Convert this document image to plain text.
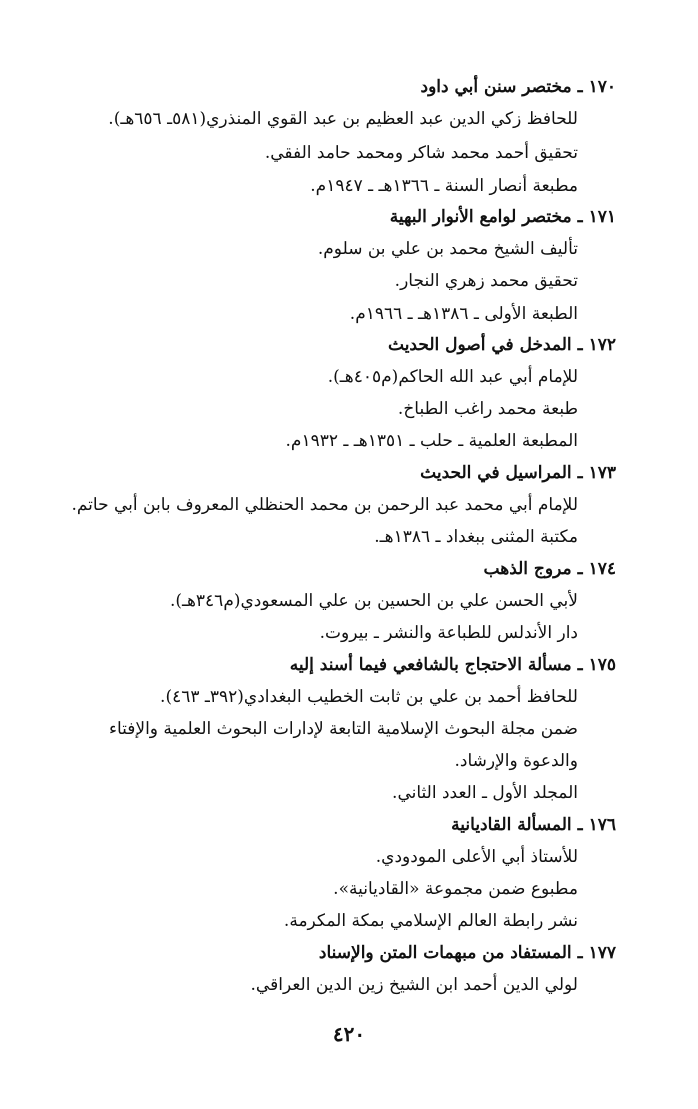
١٧٠ـمختصر سنن أبي داود
للحافظ زكي الدين عبد العظيم بن عبد القوي المنذري(٥٨١ـ ٦٥٦هـ).
تحقيق أحمد محمد شاكر ومحمد حامد الفقي.
مطبعة أنصار السنة ـ ١٣٦٦هـ ـ ١٩٤٧م.
١٧١ـمختصر لوامع الأنوار البهية
تأليف الشيخ محمد بن علي بن سلوم.
تحقيق محمد زهري النجار.
الطبعة الأولى ـ ١٣٨٦هـ ـ ١٩٦٦م.
١٧٢ـالمدخل في أصول الحديث
للإمام أبي عبد الله الحاكم(م٤٠٥هـ).
طبعة محمد راغب الطباخ.
المطبعة العلمية ـ حلب ـ ١٣٥١هـ ـ ١٩٣٢م.
١٧٣ـالمراسيل في الحديث
للإمام أبي محمد عبد الرحمن بن محمد الحنظلي المعروف بابن أبي حاتم.
مكتبة المثنى ببغداد ـ ١٣٨٦هـ.
١٧٤ـمروج الذهب
لأبي الحسن علي بن الحسين بن علي المسعودي(م٣٤٦هـ).
دار الأندلس للطباعة والنشر ـ بيروت.
١٧٥ـمسألة الاحتجاج بالشافعي فيما أسند إليه
للحافظ أحمد بن علي بن ثابت الخطيب البغدادي(٣٩٢ـ ٤٦٣).
ضمن مجلة البحوث الإسلامية التابعة لإدارات البحوث العلمية والإفتاء
والدعوة والإرشاد.
المجلد الأول ـ العدد الثاني.
١٧٦ـالمسألة القاديانية
للأستاذ أبي الأعلى المودودي.
مطبوع ضمن مجموعة «القاديانية».
نشر رابطة العالم الإسلامي بمكة المكرمة.
١٧٧ـالمستفاد من مبهمات المتن والإسناد
لولي الدين أحمد ابن الشيخ زين الدين العراقي.
٤٢٠
